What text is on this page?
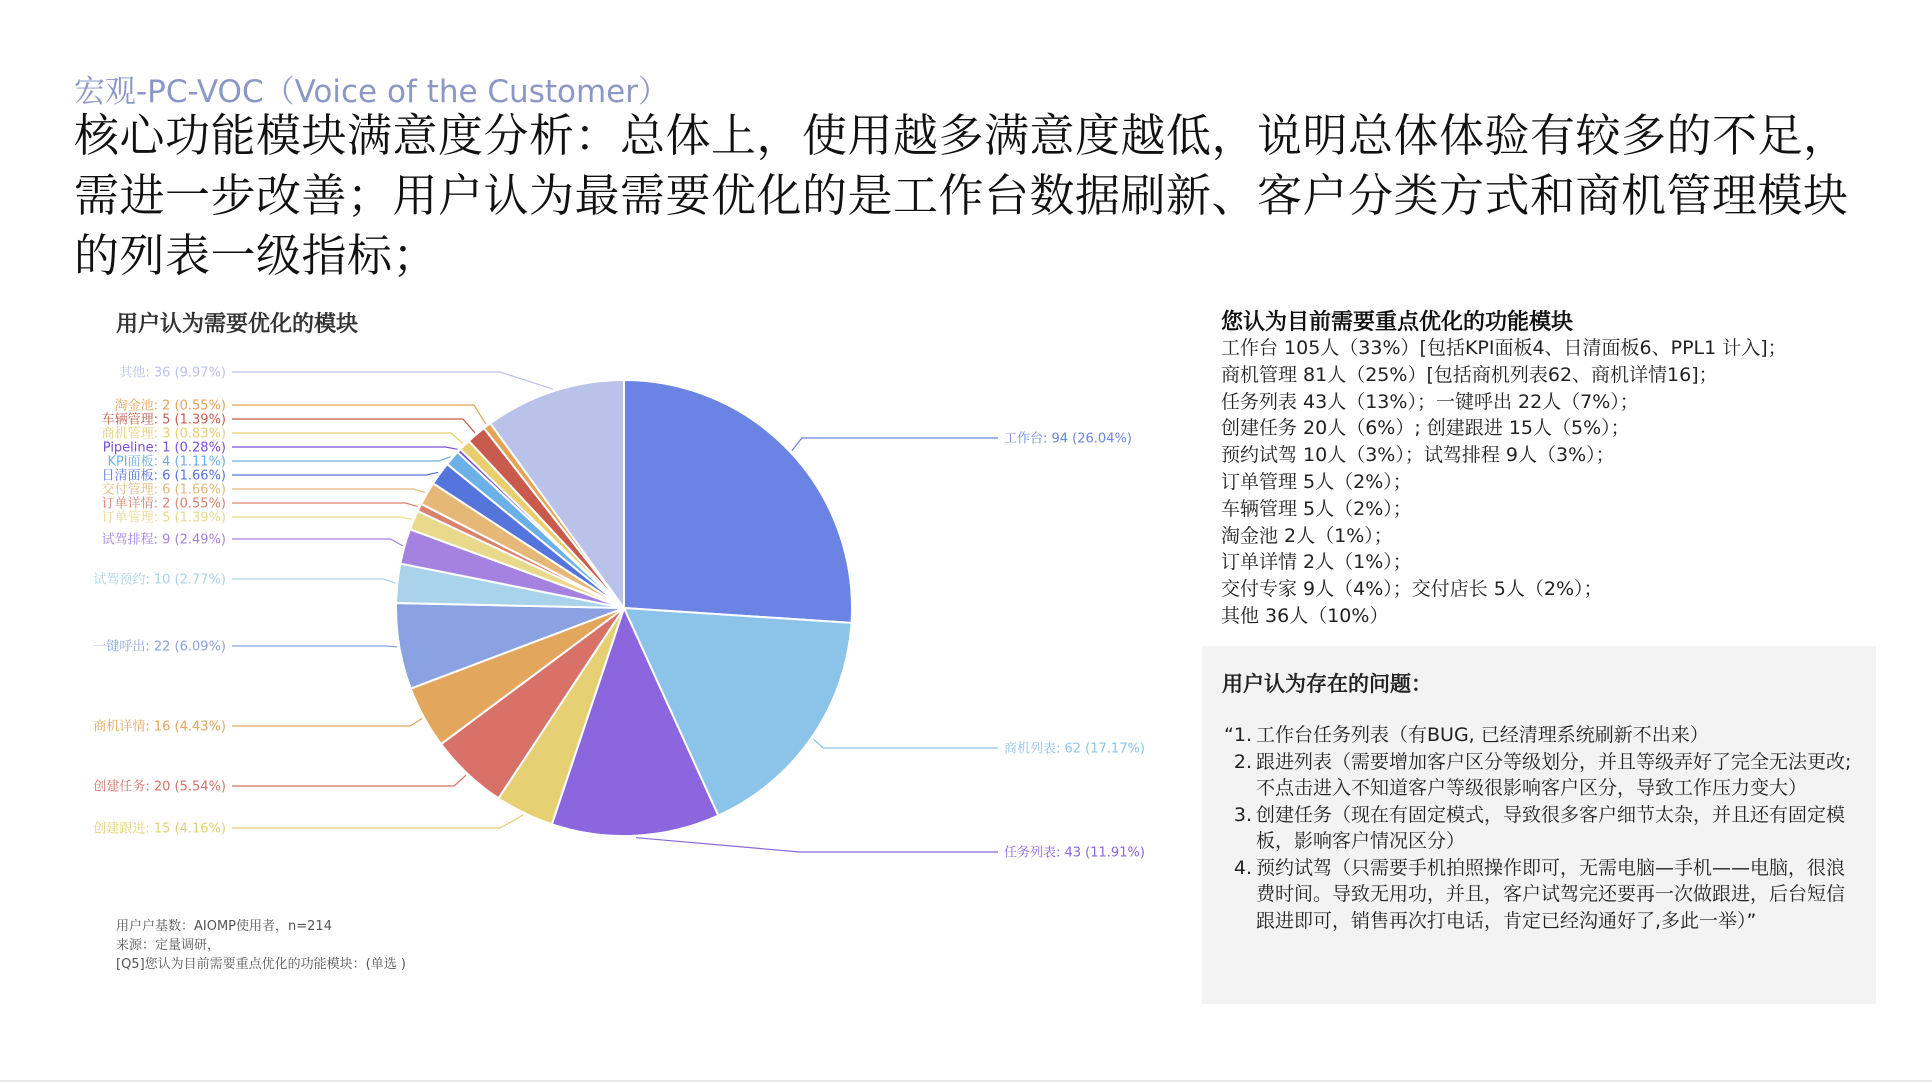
宏观-PC-VOC（Voice of the Customer）
核心功能模块满意度分析：总体上，使用越多满意度越低，说明总体体验有较多的不足，需进一步改善；用户认为最需要优化的是工作台数据刷新、客户分类方式和商机管理模块的列表一级指标；
用户认为需要优化的模块
工作台: 94 (26.04%)
商机列表: 62 (17.17%)
任务列表: 43 (11.91%)
创建跟进: 15 (4.16%)
创建任务: 20 (5.54%)
商机详情: 16 (4.43%)
一键呼出: 22 (6.09%)
试驾预约: 10 (2.77%)
试驾排程: 9 (2.49%)
订单管理: 5 (1.39%)
订单详情: 2 (0.55%)
交付管理: 6 (1.66%)
日清面板: 6 (1.66%)
KPI面板: 4 (1.11%)
Pipeline: 1 (0.28%)
商机管理: 3 (0.83%)
车辆管理: 5 (1.39%)
淘金池: 2 (0.55%)
其他: 36 (9.97%)
用户户基数：AIOMP使用者，n=214
来源：定量调研，
[Q5]您认为目前需要重点优化的功能模块：(单选 )
您认为目前需要重点优化的功能模块
工作台 105人（33%）[包括KPI面板4、日清面板6、PPL1 计入]；
商机管理 81人（25%）[包括商机列表62、商机详情16]；
任务列表 43人（13%）；一键呼出 22人（7%）；
创建任务 20人（6%）; 创建跟进 15人（5%）；
预约试驾 10人（3%）；试驾排程 9人（3%）；
订单管理 5人（2%）；
车辆管理 5人（2%）；
淘金池 2人（1%）；
订单详情 2人（1%）；
交付专家 9人（4%）；交付店长 5人（2%）；
其他 36人（10%）
用户认为存在的问题：
“1. 工作台任务列表（有BUG, 已经清理系统刷新不出来）
2. 跟进列表（需要增加客户区分等级划分，并且等级弄好了完全无法更改; 不点击进入不知道客户等级很影响客户区分，导致工作压力变大）
3. 创建任务（现在有固定模式，导致很多客户细节太杂，并且还有固定模板，影响客户情况区分）
4. 预约试驾（只需要手机拍照操作即可，无需电脑—手机——电脑，很浪费时间。导致无用功，并且，客户试驾完还要再一次做跟进，后台短信跟进即可，销售再次打电话，肯定已经沟通好了,多此一举）”
